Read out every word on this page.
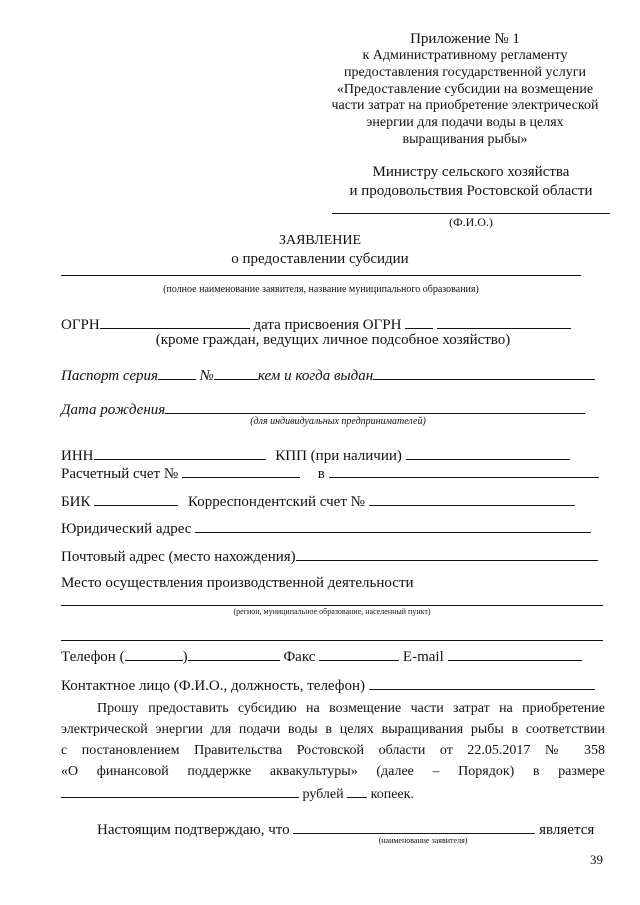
Приложение № 1
к Административному регламенту
предоставления государственной услуги
«Предоставление субсидии на возмещение
части затрат на приобретение электрической
энергии для подачи воды в целях
выращивания рыбы»
Министру сельского хозяйства
и продовольствия Ростовской области
(Ф.И.О.)
ЗАЯВЛЕНИЕ
о предоставлении субсидии
(полное наименование заявителя, название муниципального образования)
ОГРН	дата присвоения ОГРН
(кроме граждан, ведущих личное подсобное хозяйство)
Паспорт серия	№	кем и когда выдан
Дата рождения
(для индивидуальных предпринимателей)
ИНН	КПП (при наличии)
Расчетный счет №	в
БИК	Корреспондентский счет №
Юридический адрес
Почтовый адрес (место нахождения)
Место осуществления производственной деятельности
(регион, муниципальное образование, населенный пункт)
Телефон (	)	Факс	E-mail
Контактное лицо (Ф.И.О., должность, телефон)
Прошу предоставить субсидию на возмещение части затрат на приобретение
электрической энергии для подачи воды в целях выращивания рыбы в соответствии
с постановлением Правительства Ростовской области от 22.05.2017 № 358
«О финансовой поддержке аквакультуры» (далее – Порядок) в размере
рублей копеек.
Настоящим подтверждаю, что	является
(наименование заявителя)
39
